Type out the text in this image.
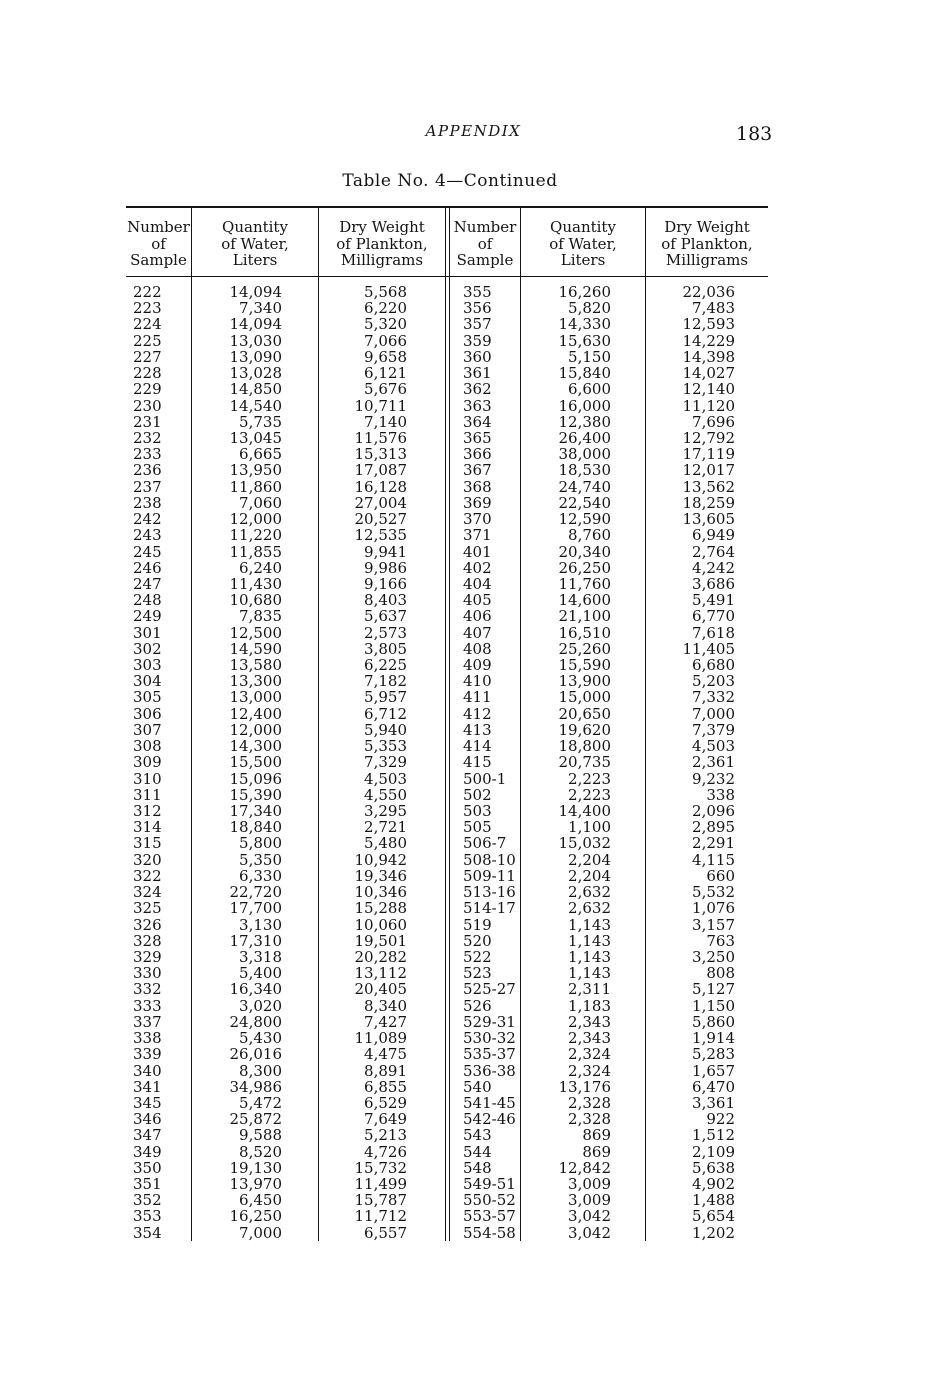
APPENDIX	183
Table No. 4—Continued
Number
of
Sample
Quantity
of Water,
Liters
Dry Weight
of Plankton,
Milligrams
Number
of
Sample
Quantity
of Water,
Liters
Dry Weight
of Plankton,
Milligrams
222
223
224
225
227
228
229
230
231
232
233
236
237
238
242
243
245
246
247
248
249
301
302
303
304
305
306
307
308
309
310
311
312
314
315
320
322
324
325
326
328
329
330
332
333
337
338
339
340
341
345
346
347
349
350
351
352
353
354
14,094
7,340
14,094
13,030
13,090
13,028
14,850
14,540
5,735
13,045
6,665
13,950
11,860
7,060
12,000
11,220
11,855
6,240
11,430
10,680
7,835
12,500
14,590
13,580
13,300
13,000
12,400
12,000
14,300
15,500
15,096
15,390
17,340
18,840
5,800
5,350
6,330
22,720
17,700
3,130
17,310
3,318
5,400
16,340
3,020
24,800
5,430
26,016
8,300
34,986
5,472
25,872
9,588
8,520
19,130
13,970
6,450
16,250
7,000
5,568
6,220
5,320
7,066
9,658
6,121
5,676
10,711
7,140
11,576
15,313
17,087
16,128
27,004
20,527
12,535
9,941
9,986
9,166
8,403
5,637
2,573
3,805
6,225
7,182
5,957
6,712
5,940
5,353
7,329
4,503
4,550
3,295
2,721
5,480
10,942
19,346
10,346
15,288
10,060
19,501
20,282
13,112
20,405
8,340
7,427
11,089
4,475
8,891
6,855
6,529
7,649
5,213
4,726
15,732
11,499
15,787
11,712
6,557
355
356
357
359
360
361
362
363
364
365
366
367
368
369
370
371
401
402
404
405
406
407
408
409
410
411
412
413
414
415
500-1
502
503
505
506-7
508-10
509-11
513-16
514-17
519
520
522
523
525-27
526
529-31
530-32
535-37
536-38
540
541-45
542-46
543
544
548
549-51
550-52
553-57
554-58
16,260
5,820
14,330
15,630
5,150
15,840
6,600
16,000
12,380
26,400
38,000
18,530
24,740
22,540
12,590
8,760
20,340
26,250
11,760
14,600
21,100
16,510
25,260
15,590
13,900
15,000
20,650
19,620
18,800
20,735
2,223
2,223
14,400
1,100
15,032
2,204
2,204
2,632
2,632
1,143
1,143
1,143
1,143
2,311
1,183
2,343
2,343
2,324
2,324
13,176
2,328
2,328
869
869
12,842
3,009
3,009
3,042
3,042
22,036
7,483
12,593
14,229
14,398
14,027
12,140
11,120
7,696
12,792
17,119
12,017
13,562
18,259
13,605
6,949
2,764
4,242
3,686
5,491
6,770
7,618
11,405
6,680
5,203
7,332
7,000
7,379
4,503
2,361
9,232
338
2,096
2,895
2,291
4,115
660
5,532
1,076
3,157
763
3,250
808
5,127
1,150
5,860
1,914
5,283
1,657
6,470
3,361
922
1,512
2,109
5,638
4,902
1,488
5,654
1,202
